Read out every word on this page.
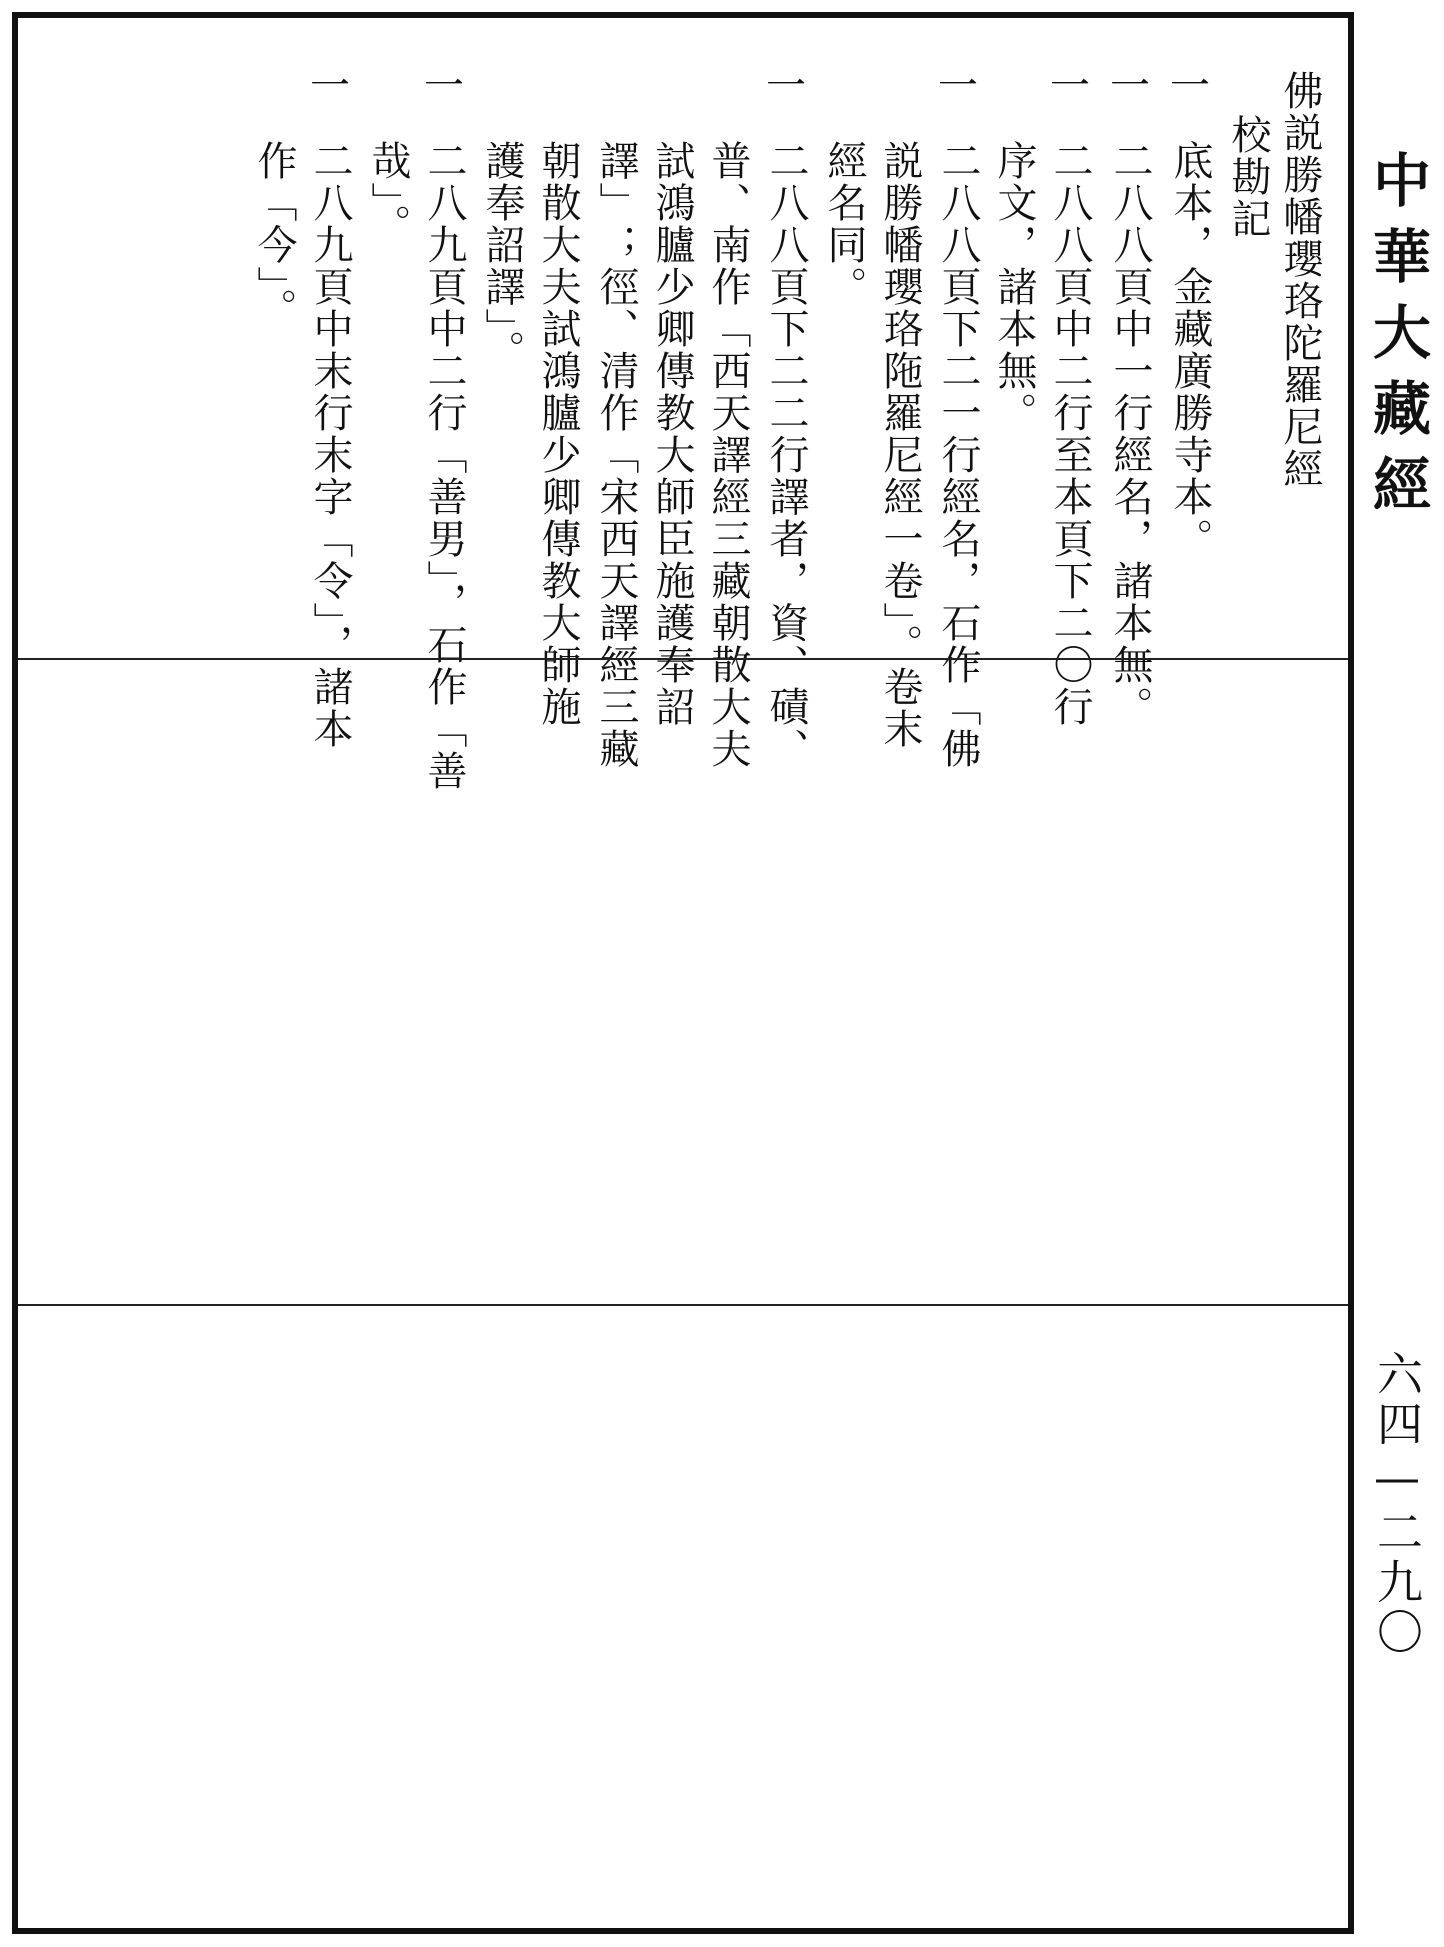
佛説勝幡瓔珞陀羅尼經
校勘記
一
底本，金藏廣勝寺本。
一
二八八頁中一行經名，諸本無。
一
二八八頁中二行至本頁下二〇行
序文，諸本無。
一
二八八頁下二一行經名，石作「佛
説勝幡瓔珞陁羅尼經一卷」。卷末
經名同。
一
二八八頁下二二行譯者，資、磧、
普、南作「西天譯經三藏朝散大夫
試鴻臚少卿傳教大師臣施護奉詔
譯」；徑、清作「宋西天譯經三藏
朝散大夫試鴻臚少卿傳教大師施
護奉詔譯」。
一
二八九頁中二行「善男」，石作「善
哉」。
一
二八九頁中末行末字「令」，諸本
作「今」。	中華大藏經
六四—二九〇
